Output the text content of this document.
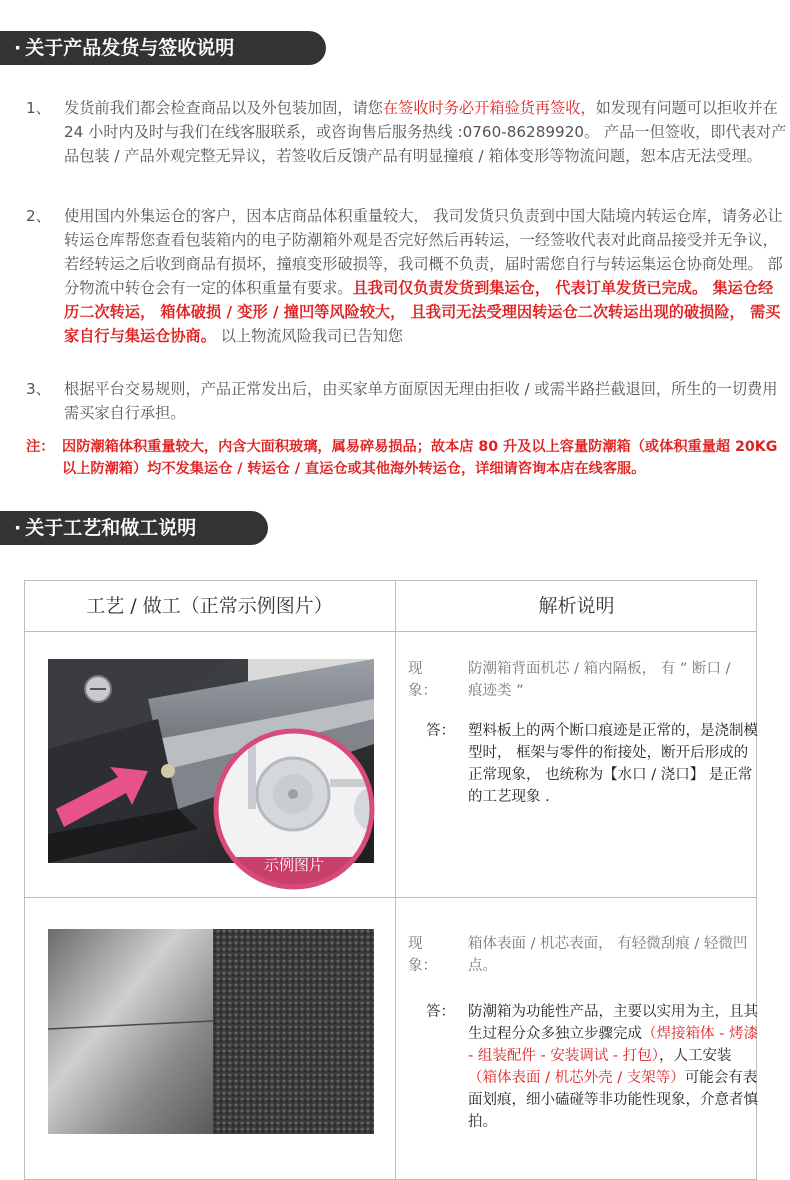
· 关于产品发货与签收说明
1、 发货前我们都会检查商品以及外包装加固，请您在签收时务必开箱验货再签收，如发现有问题可以拒收并在 24 小时内及时与我们在线客服联系，或咨询售后服务热线 :0760-86289920。 产品一但签收，即代表对产品包装 / 产品外观完整无异议，若签收后反馈产品有明显撞痕 / 箱体变形等物流问题，恕本店无法受理。
2、 使用国内外集运仓的客户，因本店商品体积重量较大， 我司发货只负责到中国大陆境内转运仓库，请务必让转运仓库帮您查看包装箱内的电子防潮箱外观是否完好然后再转运，一经签收代表对此商品接受并无争议，若经转运之后收到商品有损坏，撞痕变形破损等，我司概不负责，届时需您自行与转运集运仓协商处理。 部分物流中转仓会有一定的体积重量有要求。且我司仅负责发货到集运仓， 代表订单发货已完成。 集运仓经历二次转运， 箱体破损 / 变形 / 撞凹等风险较大， 且我司无法受理因转运仓二次转运出现的破损险， 需买家自行与集运仓协商。 以上物流风险我司已告知您
3、 根据平台交易规则，产品正常发出后，由买家单方面原因无理由拒收 / 或需半路拦截退回，所生的一切费用需买家自行承担。
注： 因防潮箱体积重量较大，内含大面积玻璃，属易碎易损品；故本店 80 升及以上容量防潮箱（或体积重量超 20KG 以上防潮箱）均不发集运仓 / 转运仓 / 直运仓或其他海外转运仓，详细请咨询本店在线客服。
· 关于工艺和做工说明
工艺 / 做工（正常示例图片）	解析说明
示例图片
现象：
防潮箱背面机芯 / 箱内隔板， 有 ” 断口 / 痕迹类 ”
答： 塑料板上的两个断口痕迹是正常的，是浇制模型时， 框架与零件的衔接处，断开后形成的正常现象， 也统称为【水口 / 浇口】 是正常的工艺现象 .
现象：
箱体表面 / 机芯表面， 有轻微刮痕 / 轻微凹点。
答： 防潮箱为功能性产品，主要以实用为主，且其生过程分众多独立步骤完成（焊接箱体 - 烤漆 - 组装配件 - 安装调试 - 打包），人工安装（箱体表面 / 机芯外壳 / 支架等）可能会有表面划痕，细小磕碰等非功能性现象，介意者慎拍。
